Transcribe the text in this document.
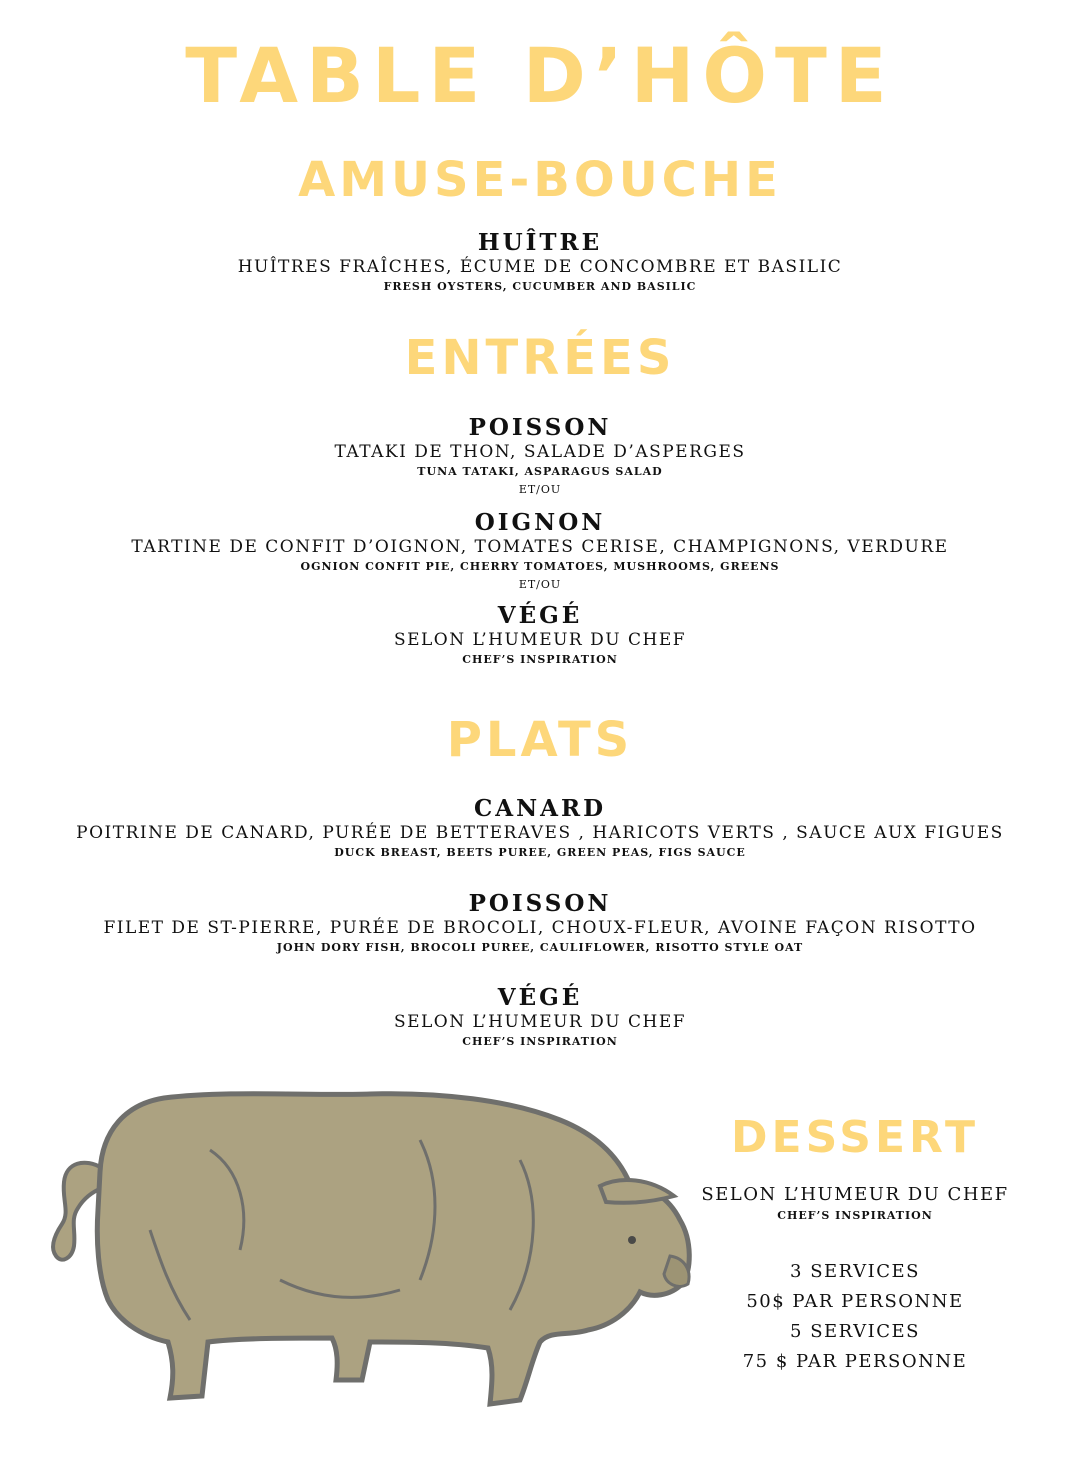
TABLE D’HÔTE
AMUSE-BOUCHE
HUÎTRE
HUÎTRES FRAÎCHES, ÉCUME DE CONCOMBRE ET BASILIC
FRESH OYSTERS, CUCUMBER AND BASILIC
ENTRÉES
POISSON
TATAKI DE THON, SALADE D’ASPERGES
TUNA TATAKI, ASPARAGUS SALAD
ET/OU
OIGNON
TARTINE DE CONFIT D’OIGNON, TOMATES CERISE, CHAMPIGNONS, VERDURE
OGNION CONFIT PIE, CHERRY TOMATOES, MUSHROOMS, GREENS
ET/OU
VÉGÉ
SELON L’HUMEUR DU CHEF
CHEF’S INSPIRATION
PLATS
CANARD
POITRINE DE CANARD, PURÉE DE BETTERAVES , HARICOTS VERTS , SAUCE AUX FIGUES
DUCK BREAST, BEETS PUREE, GREEN PEAS, FIGS SAUCE
POISSON
FILET DE ST-PIERRE, PURÉE DE BROCOLI, CHOUX-FLEUR, AVOINE FAÇON RISOTTO
JOHN DORY FISH, BROCOLI PUREE, CAULIFLOWER, RISOTTO STYLE OAT
VÉGÉ
SELON L’HUMEUR DU CHEF
CHEF’S INSPIRATION
DESSERT
SELON L’HUMEUR DU CHEF
CHEF’S INSPIRATION
3 SERVICES
50$ PAR PERSONNE
5 SERVICES
75 $ PAR PERSONNE
